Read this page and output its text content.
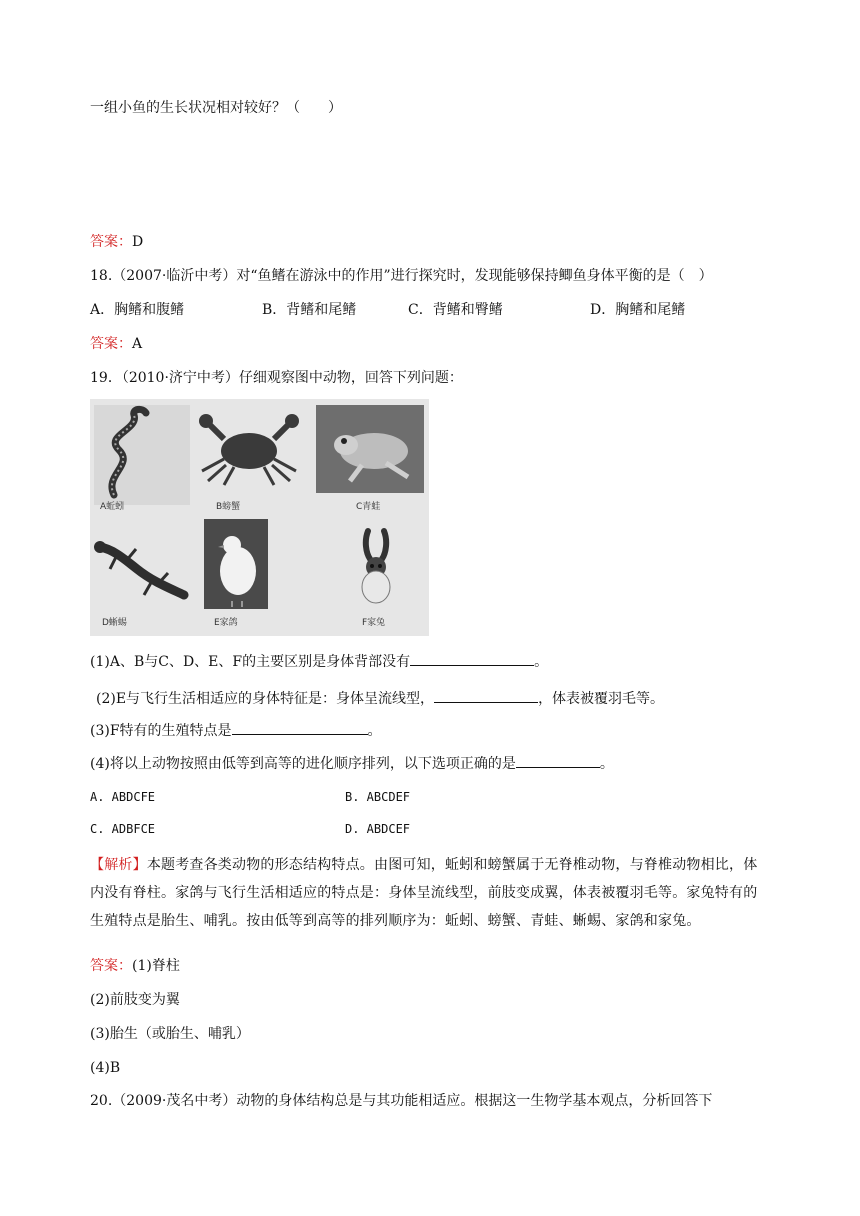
一组小鱼的生长状况相对较好？（　　）
答案：D
18.（2007·临沂中考）对“鱼鳍在游泳中的作用”进行探究时，发现能够保持鲫鱼身体平衡的是（　）
A．胸鳍和腹鳍	B．背鳍和尾鳍	C．背鳍和臀鳍	D．胸鳍和尾鳍
答案：A
19．（2010·济宁中考）仔细观察图中动物，回答下列问题：
A蚯蚓	B螃蟹	C青蛙
D蜥蜴	E家鸽	F家兔
(1)A、B与C、D、E、F的主要区别是身体背部没有	。
(2)E与飞行生活相适应的身体特征是：身体呈流线型，	，体表被覆羽毛等。
(3)F特有的生殖特点是	。
(4)将以上动物按照由低等到高等的进化顺序排列，以下选项正确的是	。
A. ABDCFE	B. ABCDEF
C. ADBFCE	D. ABDCEF
【解析】本题考查各类动物的形态结构特点。由图可知，蚯蚓和螃蟹属于无脊椎动物，与脊椎动物相比，体内没有脊柱。家鸽与飞行生活相适应的特点是：身体呈流线型，前肢变成翼，体表被覆羽毛等。家兔特有的生殖特点是胎生、哺乳。按由低等到高等的排列顺序为：蚯蚓、螃蟹、青蛙、蜥蜴、家鸽和家兔。
答案：(1)脊柱
(2)前肢变为翼
(3)胎生（或胎生、哺乳）
(4)B
20.（2009·茂名中考）动物的身体结构总是与其功能相适应。根据这一生物学基本观点，分析回答下
